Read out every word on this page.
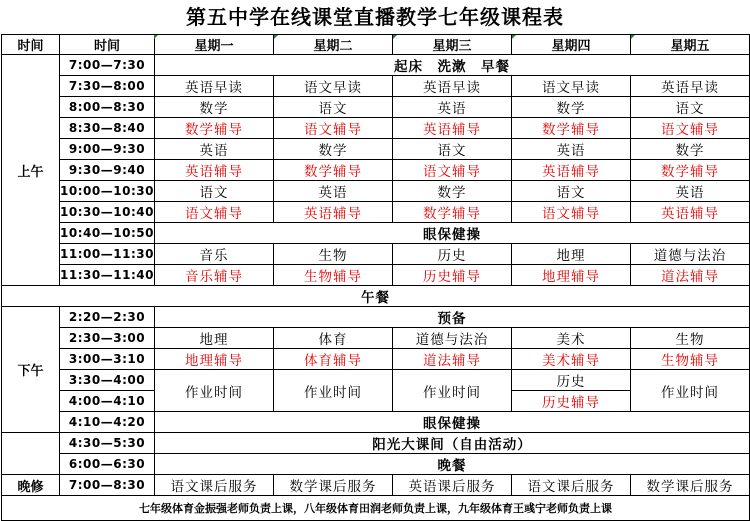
第五中学在线课堂直播教学七年级课程表
时间	时间	星期一	星期二	星期三	星期四	星期五
上午	7:00—7:30	起床　洗漱　早餐				
	7:30—8:00	英语早读	语文早读	英语早读	语文早读	英语早读
	8:00—8:30	数学	语文	英语	数学	语文
	8:30—8:40	数学辅导	语文辅导	英语辅导	数学辅导	语文辅导
	9:00—9:30	英语	数学	语文	英语	数学
	9:30—9:40	英语辅导	数学辅导	语文辅导	英语辅导	数学辅导
	10:00—10:30	语文	英语	数学	语文	英语
	10:30—10:40	语文辅导	英语辅导	数学辅导	语文辅导	英语辅导
	10:40—10:50	眼保健操				
	11:00—11:30	音乐	生物	历史	地理	道德与法治
	11:30—11:40	音乐辅导	生物辅导	历史辅导	地理辅导	道法辅导
午餐						
下午	2:20—2:30	预备				
	2:30—3:00	地理	体育	道德与法治	美术	生物
	3:00—3:10	地理辅导	体育辅导	道法辅导	美术辅导	生物辅导
	3:30—4:00	作业时间	作业时间	作业时间	历史	作业时间
	4:00—4:10				历史辅导	
	4:10—4:20	眼保健操				
	4:30—5:30	阳光大课间（自由活动）				
	6:00—6:30	晚餐				
晚修	7:00—8:30	语文课后服务	数学课后服务	英语课后服务	语文课后服务	数学课后服务
七年级体育金振强老师负责上课，八年级体育田润老师负责上课，九年级体育王彧宁老师负责上课						
